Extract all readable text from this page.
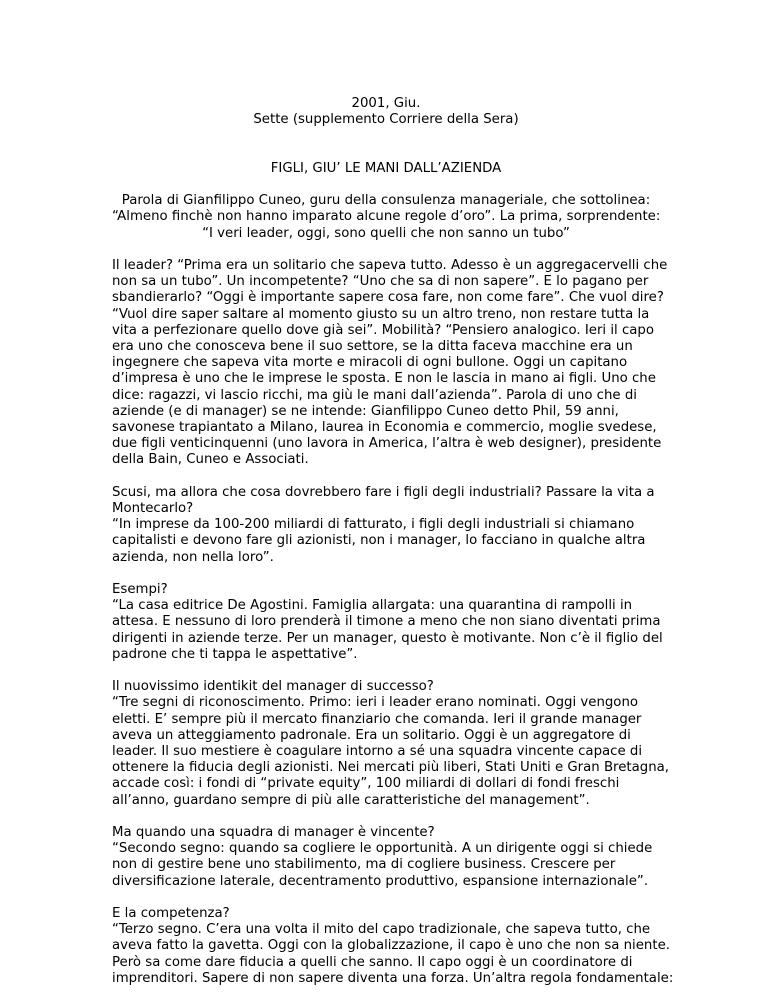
2001, Giu.
Sette (supplemento Corriere della Sera)
FIGLI, GIU’ LE MANI DALL’AZIENDA
Parola di Gianfilippo Cuneo, guru della consulenza manageriale, che sottolinea:
“Almeno finchè non hanno imparato alcune regole d’oro”. La prima, sorprendente:
“I veri leader, oggi, sono quelli che non sanno un tubo”
Il leader? “Prima era un solitario che sapeva tutto. Adesso è un aggregacervelli che
non sa un tubo”. Un incompetente? “Uno che sa di non sapere”. E lo pagano per
sbandierarlo? “Oggi è importante sapere cosa fare, non come fare”. Che vuol dire?
“Vuol dire saper saltare al momento giusto su un altro treno, non restare tutta la
vita a perfezionare quello dove già sei”. Mobilità? “Pensiero analogico. Ieri il capo
era uno che conosceva bene il suo settore, se la ditta faceva macchine era un
ingegnere che sapeva vita morte e miracoli di ogni bullone. Oggi un capitano
d’impresa è uno che le imprese le sposta. E non le lascia in mano ai figli. Uno che
dice: ragazzi, vi lascio ricchi, ma giù le mani dall’azienda”. Parola di uno che di
aziende (e di manager) se ne intende: Gianfilippo Cuneo detto Phil, 59 anni,
savonese trapiantato a Milano, laurea in Economia e commercio, moglie svedese,
due figli venticinquenni (uno lavora in America, l’altra è web designer), presidente
della Bain, Cuneo e Associati.
Scusi, ma allora che cosa dovrebbero fare i figli degli industriali? Passare la vita a
Montecarlo?
“In imprese da 100-200 miliardi di fatturato, i figli degli industriali si chiamano
capitalisti e devono fare gli azionisti, non i manager, lo facciano in qualche altra
azienda, non nella loro”.
Esempi?
“La casa editrice De Agostini. Famiglia allargata: una quarantina di rampolli in
attesa. E nessuno di loro prenderà il timone a meno che non siano diventati prima
dirigenti in aziende terze. Per un manager, questo è motivante. Non c’è il figlio del
padrone che ti tappa le aspettative”.
Il nuovissimo identikit del manager di successo?
“Tre segni di riconoscimento. Primo: ieri i leader erano nominati. Oggi vengono
eletti. E’ sempre più il mercato finanziario che comanda. Ieri il grande manager
aveva un atteggiamento padronale. Era un solitario. Oggi è un aggregatore di
leader. Il suo mestiere è coagulare intorno a sé una squadra vincente capace di
ottenere la fiducia degli azionisti. Nei mercati più liberi, Stati Uniti e Gran Bretagna,
accade così: i fondi di “private equity”, 100 miliardi di dollari di fondi freschi
all’anno, guardano sempre di più alle caratteristiche del management”.
Ma quando una squadra di manager è vincente?
“Secondo segno: quando sa cogliere le opportunità. A un dirigente oggi si chiede
non di gestire bene uno stabilimento, ma di cogliere business. Crescere per
diversificazione laterale, decentramento produttivo, espansione internazionale”.
E la competenza?
“Terzo segno. C’era una volta il mito del capo tradizionale, che sapeva tutto, che
aveva fatto la gavetta. Oggi con la globalizzazione, il capo è uno che non sa niente.
Però sa come dare fiducia a quelli che sanno. Il capo oggi è un coordinatore di
imprenditori. Sapere di non sapere diventa una forza. Un’altra regola fondamentale:
